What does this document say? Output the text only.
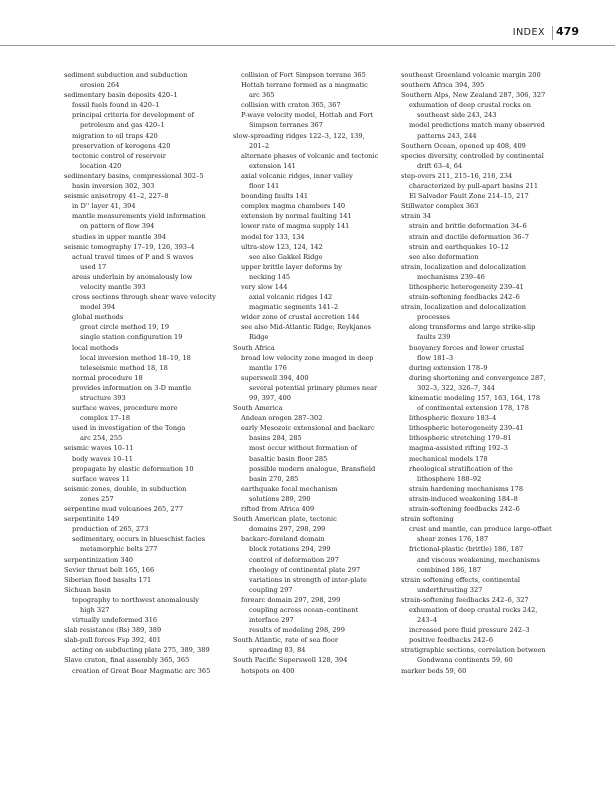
INDEX 479
sediment subduction and subduction
erosion 264
sedimentary basin deposits 420–1
fossil fuels found in 420–1
principal criteria for development of
petroleum and gas 420–1
migration to oil traps 420
preservation of kerogens 420
tectonic control of reservoir
location 420
sedimentary basins, compressional 302–5
basin inversion 302, 303
seismic anisotropy 41–2, 227–8
in D'' layer 41, 394
mantle measurements yield information
on pattern of flow 394
studies in upper mantle 394
seismic tomography 17–19, 126, 393–4
actual travel times of P and S waves
used 17
areas underlain by anomalously low
velocity mantle 393
cross sections through shear wave velocity
model 394
global methods
great circle method 19, 19
single station configuration 19
local methods
local inversion method 18–19, 18
teleseismic method 18, 18
normal procedure 18
provides information on 3-D mantle
structure 393
surface waves, procedure more
complex 17–18
used in investigation of the Tonga
arc 254, 255
seismic waves 10–11
body waves 10–11
propagate by elastic deformation 10
surface waves 11
seismic zones, double, in subduction
zones 257
serpentine mud volcanoes 265, 277
serpentinite 149
production of 265, 273
sedimentary, occurs in blueschist facies
metamorphic belts 277
serpentinization 340
Sevier thrust belt 165, 166
Siberian flood basalts 171
Sichuan basin
topography to northwest anomalously
high 327
virtually undeformed 316
slab resistance (Rs) 389, 389
slab-pull forces Fsp 392, 401
acting on subducting plate 275, 389, 389
Slave craton, final assembly 365, 365
creation of Great Bear Magmatic arc 365
collision of Fort Simpson terrane 365
Hottah terrane formed as a magmatic
arc 365
collision with craton 365, 367
P-wave velocity model, Hottah and Fort
Simpson terranes 367
slow-spreading ridges 122–3, 122, 139,
201–2
alternate phases of volcanic and tectonic
extension 141
axial volcanic ridges, inner valley
floor 141
bounding faults 141
complex magma chambers 140
extension by normal faulting 141
lower rate of magma supply 141
model for 133, 134
ultra-slow 123, 124, 142
see also Gakkel Ridge
upper brittle layer deforms by
necking 145
very slow 144
axial volcanic ridges 142
magmatic segments 141–2
wider zone of crustal accretion 144
see also Mid-Atlantic Ridge; Reykjanes
Ridge
South Africa
broad low velocity zone imaged in deep
mantle 176
superswell 394, 400
several potential primary plumes near
99, 397, 400
South America
Andean orogen 287–302
early Mesozoic extensional and backarc
basins 284, 285
most occur without formation of
basaltic basin floor 285
possible modern analogue, Bransfield
basin 270, 285
earthquake focal mechanism
solutions 289, 290
rifted from Africa 409
South American plate, tectonic
domains 297, 298, 299
backarc-foreland domain
block rotations 294, 299
control of deformation 297
rheology of continental plate 297
variations in strength of inter-plate
coupling 297
forearc domain 297, 298, 299
coupling across ocean–continent
interface 297
results of modeling 298, 299
South Atlantic, rate of sea floor
spreading 83, 84
South Pacific Superswell 128, 394
hotspots on 400
southeast Greenland volcanic margin 200
southern Africa 394, 395
Southern Alps, New Zealand 287, 306, 327
exhumation of deep crustal rocks on
southeast side 243, 243
model predictions match many observed
patterns 243, 244
Southern Ocean, opened up 408, 409
species diversity, controlled by continental
drift 63–4, 64
step-overs 211, 215–16, 216, 234
characterized by pull-apart basins 211
El Salvador Fault Zone 214–15, 217
Stillwater complex 363
strain 34
strain and brittle deformation 34–6
strain and ductile deformation 36–7
strain and earthquakes 10–12
see also deformation
strain, localization and delocalization
mechanisms 239–46
lithospheric heterogeneity 239–41
strain-softening feedbacks 242–6
strain, localization and delocalization
processes
along transforms and large strike-slip
faults 239
buoyancy forces and lower crustal
flow 181–3
during extension 178–9
during shortening and convergence 287,
302–3, 322, 326–7, 344
kinematic modeling 157, 163, 164, 178
of continental extension 178, 178
lithospheric flexure 183–4
lithospheric heterogeneity 239–41
lithospheric stretching 179–81
magma-assisted rifting 192–3
mechanical models 178
rheological stratification of the
lithosphere 188–92
strain hardening mechanisms 178
strain-induced weakening 184–8
strain-softening feedbacks 242–6
strain softening
crust and mantle, can produce large-offset
shear zones 176, 187
frictional-plastic (brittle) 186, 187
and viscous weakening, mechanisms
combined 186, 187
strain softening effects, continental
underthrusting 327
strain-softening feedbacks 242–6, 327
exhumation of deep crustal rocks 242,
243–4
increased pore fluid pressure 242–3
positive feedbacks 242–6
stratigraphic sections, correlation between
Gondwana continents 59, 60
marker beds 59, 60
